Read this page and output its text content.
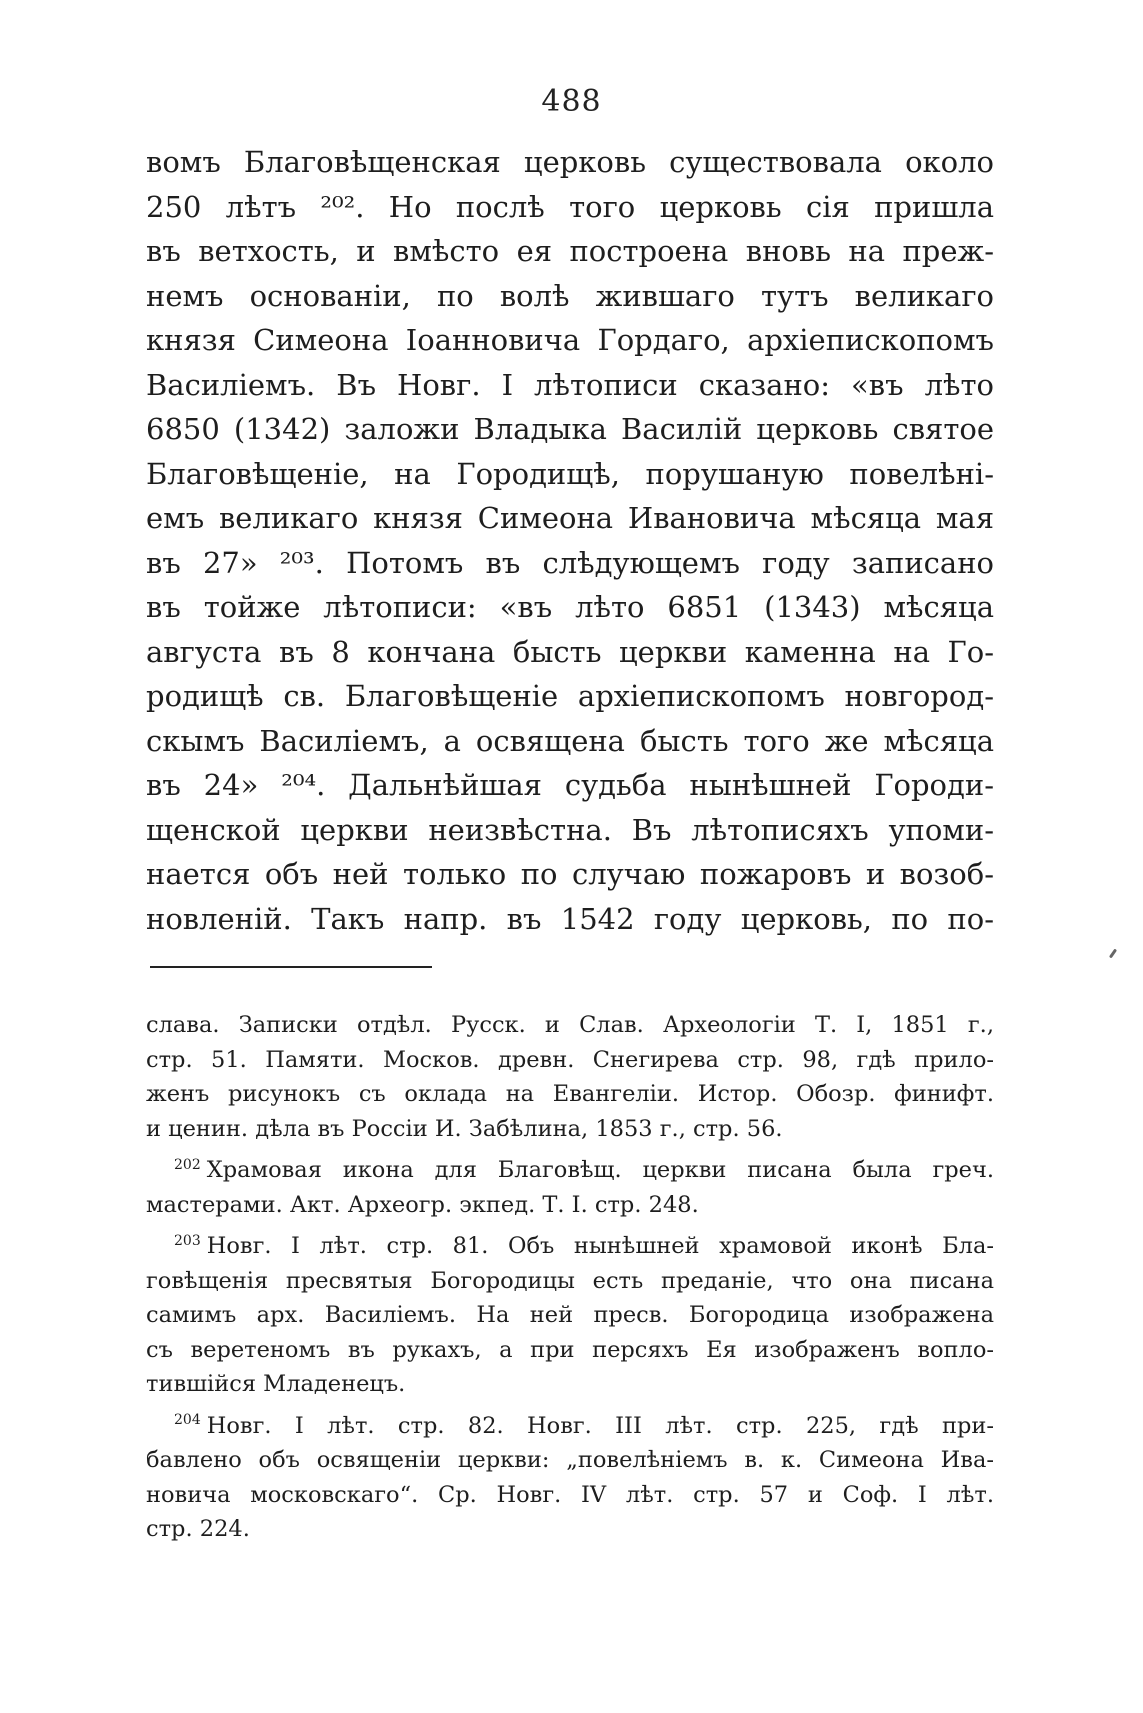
488
вомъ Благовѣщенская церковь существовала около
250 лѣтъ ²⁰². Но послѣ того церковь сія пришла
въ ветхость, и вмѣсто ея построена вновь на преж-
немъ основаніи, по волѣ жившаго тутъ великаго
князя Симеона Іоанновича Гордаго, архіепископомъ
Василіемъ. Въ Новг. I лѣтописи сказано: «въ лѣто
6850 (1342) заложи Владыка Василій церковь святое
Благовѣщеніе, на Городищѣ, порушаную повелѣні-
емъ великаго князя Симеона Ивановича мѣсяца мая
въ 27» ²⁰³. Потомъ въ слѣдующемъ году записано
въ тойже лѣтописи: «въ лѣто 6851 (1343) мѣсяца
августа въ 8 кончана бысть церкви каменна на Го-
родищѣ св. Благовѣщеніе архіепископомъ новгород-
скымъ Василіемъ, а освящена бысть того же мѣсяца
въ 24» ²⁰⁴. Дальнѣйшая судьба нынѣшней Городи-
щенской церкви неизвѣстна. Въ лѣтописяхъ упоми-
нается объ ней только по случаю пожаровъ и возоб-
новленій. Такъ напр. въ 1542 году церковь, по по-
слава. Записки отдѣл. Русск. и Слав. Археологіи Т. I, 1851 г.,
стр. 51. Памяти. Москов. древн. Снегирева стр. 98, гдѣ прило-
женъ рисунокъ съ оклада на Евангеліи. Истор. Обозр. финифт.
и ценин. дѣла въ Россіи И. Забѣлина, 1853 г., стр. 56.
$^{202}$ Храмовая икона для Благовѣщ. церкви писана была греч.
мастерами. Акт. Археогр. экпед. Т. I. стр. 248.
$^{203}$ Новг. I лѣт. стр. 81. Объ нынѣшней храмовой иконѣ Бла-
говѣщенія пресвятыя Богородицы есть преданіе, что она писана
самимъ арх. Василіемъ. На ней пресв. Богородица изображена
съ веретеномъ въ рукахъ, а при персяхъ Ея изображенъ вопло-
тившійся Младенецъ.
$^{204}$ Новг. I лѣт. стр. 82. Новг. III лѣт. стр. 225, гдѣ при-
бавлено объ освященіи церкви: „повелѣніемъ в. к. Симеона Ива-
новича московскаго“. Ср. Новг. IV лѣт. стр. 57 и Соф. I лѣт.
стр. 224.
